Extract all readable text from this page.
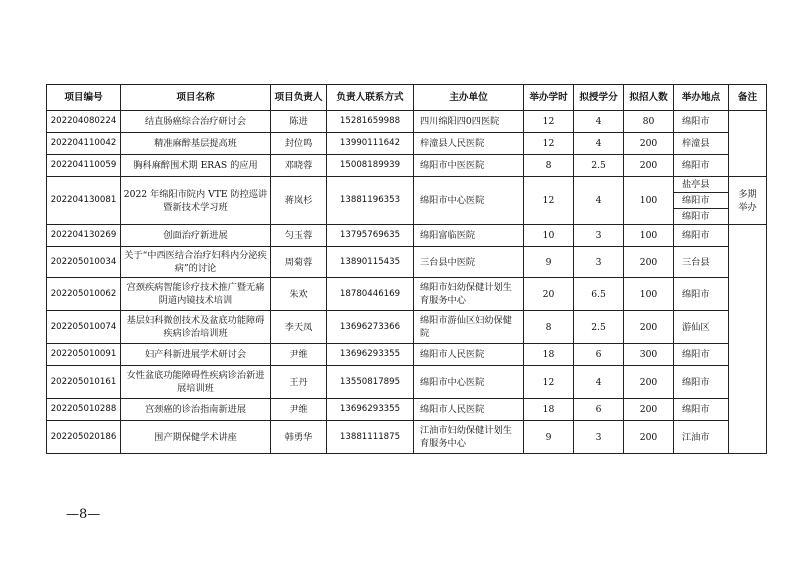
项目编号	项目名称	项目负责人	负责人联系方式	主办单位	举办学时	拟授学分	拟招人数	举办地点	备注
202204080224	结直肠癌综合治疗研讨会	陈进	15281659988	四川绵阳四0四医院	12	4	80	绵阳市	
202204110042	精准麻醉基层提高班	封位鸣	13990111642	梓潼县人民医院	12	4	200	梓潼县	
202204110059	胸科麻醉围术期 ERAS 的应用	邓晓蓉	15008189939	绵阳市中医医院	8	2.5	200	绵阳市	
202204130081	2022 年绵阳市院内 VTE 防控巡讲暨新技术学习班	蒋岚杉	13881196353	绵阳市中心医院	12	4	100	盐亭县	多期举办
								绵阳市	
								绵阳市	
202204130269	创面治疗新进展	匀玉蓉	13795769635	绵阳富临医院	10	3	100	绵阳市	
202205010034	关于“中西医结合治疗妇科内分泌疾病”的讨论	周菊蓉	13890115435	三台县中医院	9	3	200	三台县	
202205010062	宫颈疾病智能诊疗技术推广暨无痛阴道内镜技术培训	朱欢	18780446169	绵阳市妇幼保健计划生育服务中心	20	6.5	100	绵阳市	
202205010074	基层妇科微创技术及盆底功能障碍疾病诊治培训班	李天凤	13696273366	绵阳市游仙区妇幼保健院	8	2.5	200	游仙区	
202205010091	妇产科新进展学术研讨会	尹维	13696293355	绵阳市人民医院	18	6	300	绵阳市	
202205010161	女性盆底功能障碍性疾病诊治新进展培训班	王丹	13550817895	绵阳市中心医院	12	4	200	绵阳市	
202205010288	宫颈癌的诊治指南新进展	尹维	13696293355	绵阳市人民医院	18	6	200	绵阳市	
202205020186	围产期保健学术讲座	韩勇华	13881111875	江油市妇幼保健计划生育服务中心	9	3	200	江油市	
—8—
